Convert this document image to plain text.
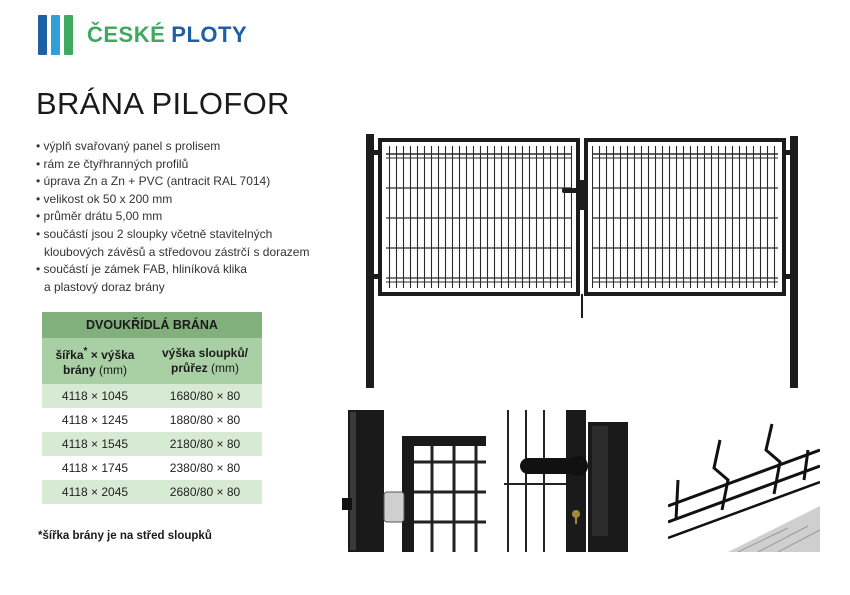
ČESKÉ PLOTY
BRÁNA PILOFOR
• výplň svařovaný panel s prolisem
• rám ze čtyřhranných profilů
• úprava Zn a Zn + PVC (antracit RAL 7014)
• velikost ok 50 x 200 mm
• průměr drátu 5,00 mm
• součástí jsou 2 sloupky včetně stavitelných
kloubových závěsů a středovou zástrčí s dorazem
• součástí je zámek FAB, hliníková klika
a plastový doraz brány
DVOUKŘÍDLÁ BRÁNA	
šířka* × výška
brány (mm)	výška sloupků/
průřez (mm)
4118 × 1045	1680/80 × 80
4118 × 1245	1880/80 × 80
4118 × 1545	2180/80 × 80
4118 × 1745	2380/80 × 80
4118 × 2045	2680/80 × 80
*šířka brány je na střed sloupků
